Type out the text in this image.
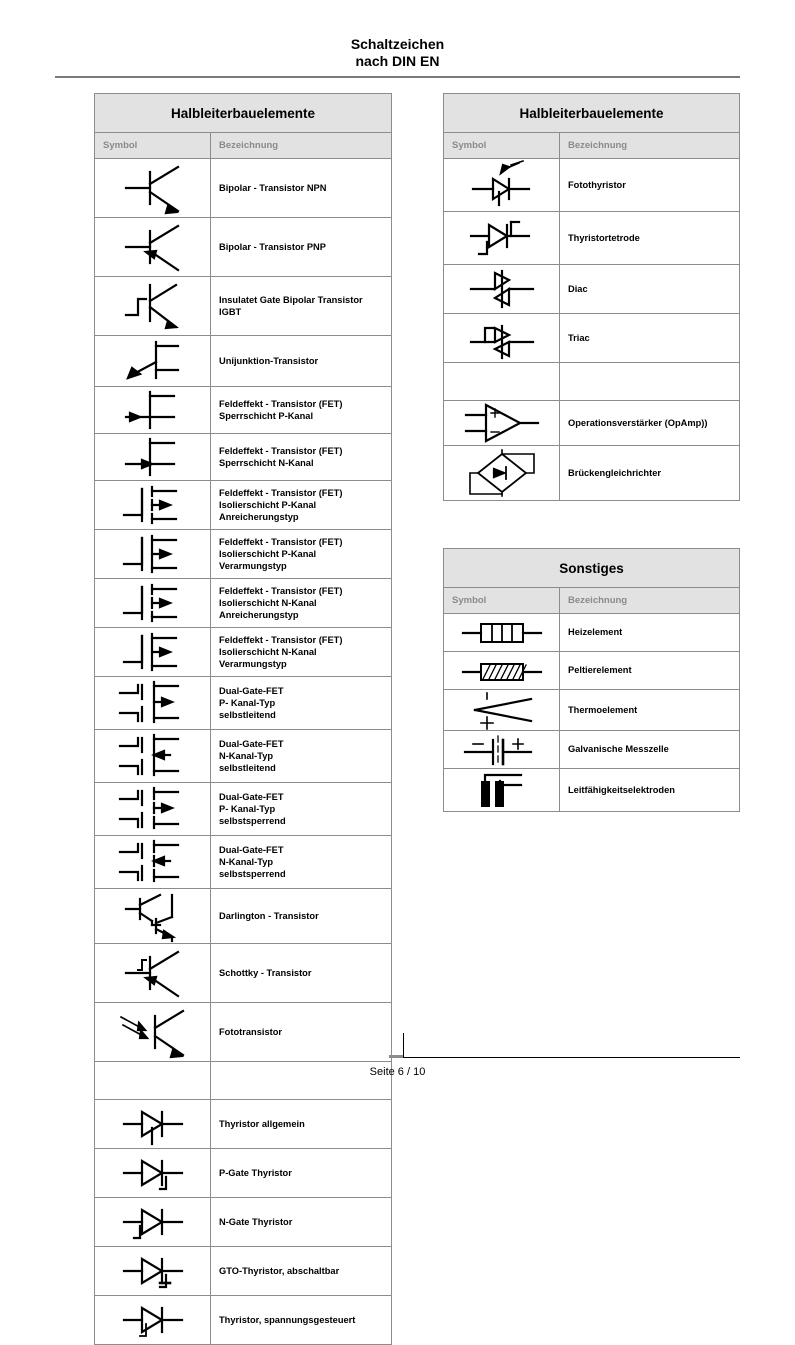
Schaltzeichen
nach DIN EN
Halbleiterbauelemente	
Symbol	Bezeichnung

Bipolar - Transistor NPN

Bipolar - Transistor PNP

Insulatet Gate Bipolar Transistor
IGBT

Unijunktion-Transistor

Feldeffekt - Transistor (FET)
Sperrschicht P-Kanal

Feldeffekt - Transistor (FET)
Sperrschicht N-Kanal

Feldeffekt - Transistor (FET)
Isolierschicht P-Kanal
Anreicherungstyp

Feldeffekt - Transistor (FET)
Isolierschicht P-Kanal
Verarmungstyp

Feldeffekt - Transistor (FET)
Isolierschicht N-Kanal
Anreicherungstyp

Feldeffekt - Transistor (FET)
Isolierschicht N-Kanal
Verarmungstyp

Dual-Gate-FET
P- Kanal-Typ
selbstleitend

Dual-Gate-FET
N-Kanal-Typ
selbstleitend

Dual-Gate-FET
P- Kanal-Typ
selbstsperrend

Dual-Gate-FET
N-Kanal-Typ
selbstsperrend

Darlington - Transistor

Schottky - Transistor

Fototransistor

Thyristor allgemein

P-Gate Thyristor

N-Gate Thyristor

GTO-Thyristor, abschaltbar

Thyristor, spannungsgesteuert
Halbleiterbauelemente	
Symbol	Bezeichnung

Fotothyristor

Thyristortetrode

Diac

Triac

Operationsverstärker (OpAmp))

Brückengleichrichter
Sonstiges	
Symbol	Bezeichnung

Heizelement

Peltierelement

Thermoelement

Galvanische Messzelle

Leitfähigkeitselektroden
Seite 6 / 10
